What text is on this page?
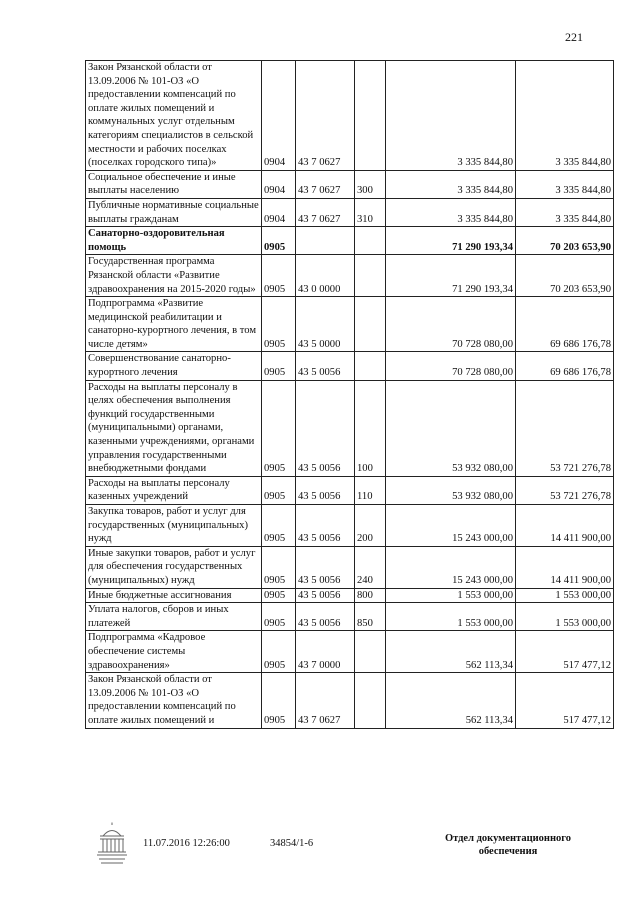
221
Закон Рязанской области от 13.09.2006 № 101-ОЗ «О предоставлении компенсаций по оплате жилых помещений и коммунальных услуг отдельным категориям специалистов в сельской местности и рабочих поселках (поселках городского типа)»	0904	43 7 0627		3 335 844,80	3 335 844,80
Социальное обеспечение и иные выплаты населению	0904	43 7 0627	300	3 335 844,80	3 335 844,80
Публичные нормативные социальные выплаты гражданам	0904	43 7 0627	310	3 335 844,80	3 335 844,80
Санаторно-оздоровительная помощь	0905			71 290 193,34	70 203 653,90
Государственная программа Рязанской области «Развитие здравоохранения на 2015-2020 годы»	0905	43 0 0000		71 290 193,34	70 203 653,90
Подпрограмма «Развитие медицинской реабилитации и санаторно-курортного лечения, в том числе детям»	0905	43 5 0000		70 728 080,00	69 686 176,78
Совершенствование санаторно-курортного лечения	0905	43 5 0056		70 728 080,00	69 686 176,78
Расходы на выплаты персоналу в целях обеспечения выполнения функций государственными (муниципальными) органами, казенными учреждениями, органами управления государственными внебюджетными фондами	0905	43 5 0056	100	53 932 080,00	53 721 276,78
Расходы на выплаты персоналу казенных учреждений	0905	43 5 0056	110	53 932 080,00	53 721 276,78
Закупка товаров, работ и услуг для государственных (муниципальных) нужд	0905	43 5 0056	200	15 243 000,00	14 411 900,00
Иные закупки товаров, работ и услуг для обеспечения государственных (муниципальных) нужд	0905	43 5 0056	240	15 243 000,00	14 411 900,00
Иные бюджетные ассигнования	0905	43 5 0056	800	1 553 000,00	1 553 000,00
Уплата налогов, сборов и иных платежей	0905	43 5 0056	850	1 553 000,00	1 553 000,00
Подпрограмма «Кадровое обеспечение системы здравоохранения»	0905	43 7 0000		562 113,34	517 477,12
Закон Рязанской области от 13.09.2006 № 101-ОЗ «О предоставлении компенсаций по оплате жилых помещений и	0905	43 7 0627		562 113,34	517 477,12
11.07.2016 12:26:00	34854/1-6	Отдел документационного
обеспечения
